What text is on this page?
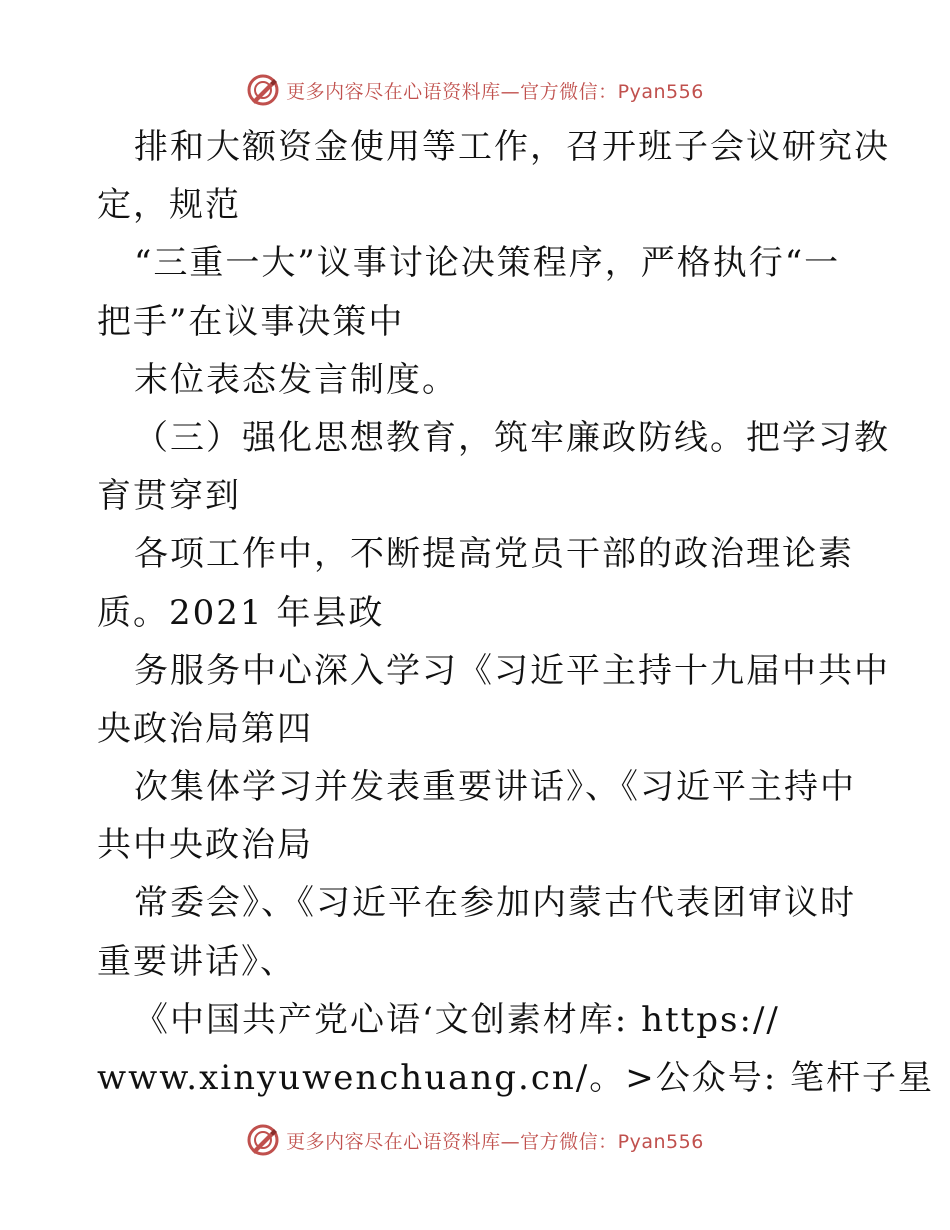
更多内容尽在心语资料库—官方微信：Pyan556
排和大额资金使用等工作，召开班子会议研究决
定，规范
“三重一大”议事讨论决策程序，严格执行“一
把手”在议事决策中
末位表态发言制度。
（三）强化思想教育，筑牢廉政防线。把学习教
育贯穿到
各项工作中，不断提高党员干部的政治理论素
质。2021 年县政
务服务中心深入学习《习近平主持十九届中共中
央政治局第四
次集体学习并发表重要讲话》、《习近平主持中
共中央政治局
常委会》、《习近平在参加内蒙古代表团审议时
重要讲话》、
《中国共产党心语‘文创素材库: https://
www.xinyuwenchuang.cn/。>公众号: 笔杆子星
更多内容尽在心语资料库—官方微信：Pyan556
